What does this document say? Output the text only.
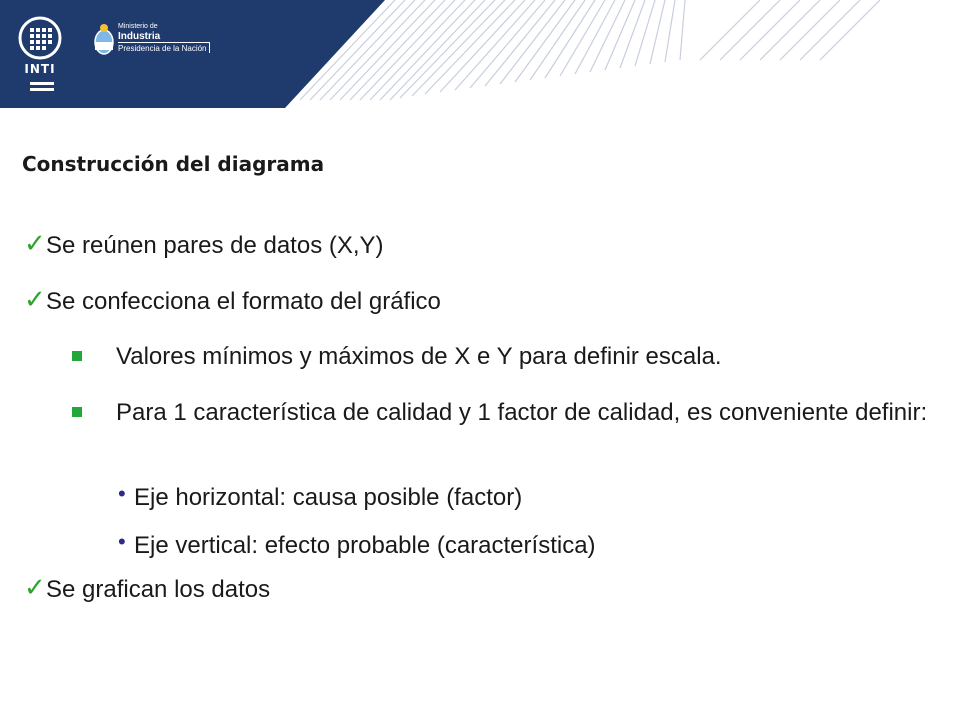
INTI
Ministerio de
Industria
Presidencia de la Nación
Construcción del diagrama
✓ Se reúnen pares de datos (X,Y)
✓ Se confecciona el formato del gráfico
Valores mínimos y máximos de X e Y para definir escala.
Para 1 característica de calidad y 1 factor de calidad, es conveniente definir:
• Eje horizontal: causa posible (factor)
• Eje vertical: efecto probable (característica)
✓ Se grafican los datos
